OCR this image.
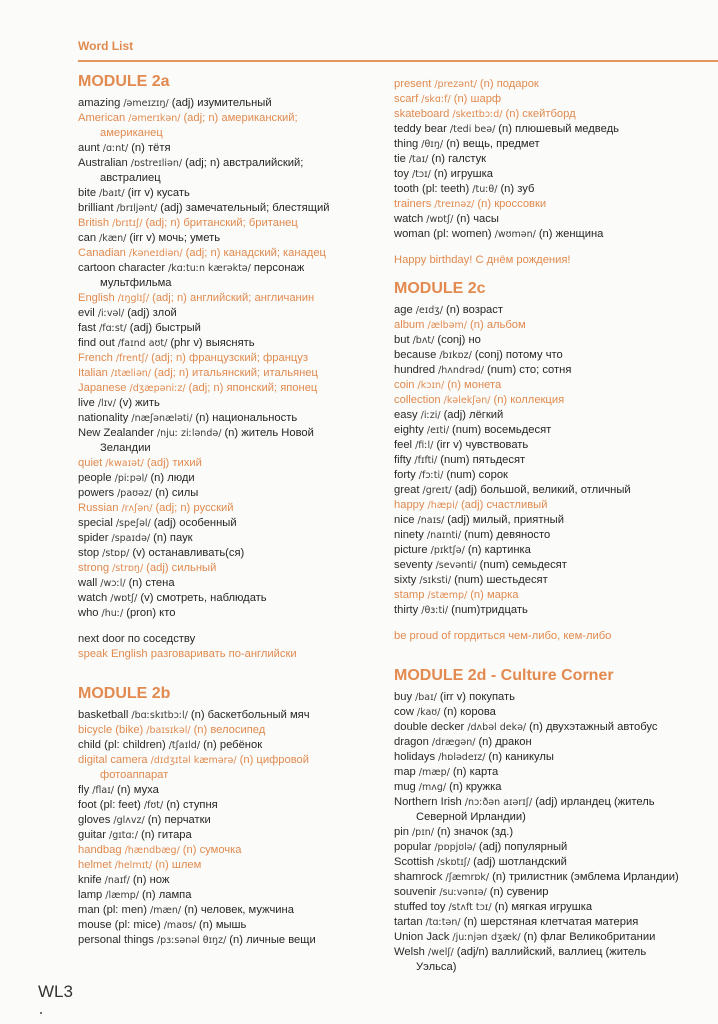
Word List
MODULE 2a
amazing /əmeɪzɪŋ/ (adj) изумительный
American /əmerɪkən/ (adj; n) американский;
американец
aunt /ɑːnt/ (n) тётя
Australian /ɒstreɪliən/ (adj; n) австралийский;
австралиец
bite /baɪt/ (irr v) кусать
brilliant /brɪljənt/ (adj) замечательный; блестящий
British /brɪtɪʃ/ (adj; n) британский; британец
can /kæn/ (irr v) мочь; уметь
Canadian /kəneɪdiən/ (adj; n) канадский; канадец
cartoon character /kɑːtuːn kærəktə/ персонаж
мультфильма
English /ɪŋglɪʃ/ (adj; n) английский; англичанин
evil /iːvəl/ (adj) злой
fast /fɑːst/ (adj) быстрый
find out /faɪnd aʊt/ (phr v) выяснять
French /frentʃ/ (adj; n) французский; француз
Italian /ɪtæliən/ (adj; n) итальянский; итальянец
Japanese /dʒæpəniːz/ (adj; n) японский; японец
live /lɪv/ (v) жить
nationality /næʃənæləti/ (n) национальность
New Zealander /njuː ziːləndə/ (n) житель Новой
Зеландии
quiet /kwaɪət/ (adj) тихий
people /piːpəl/ (n) люди
powers /paʊəz/ (n) силы
Russian /rʌʃən/ (adj; n) русский
special /speʃəl/ (adj) особенный
spider /spaɪdə/ (n) паук
stop /stɒp/ (v) останавливать(ся)
strong /strɒŋ/ (adj) сильный
wall /wɔːl/ (n) стена
watch /wɒtʃ/ (v) смотреть, наблюдать
who /huː/ (pron) кто
next door по соседству
speak English разговаривать по-английски
MODULE 2b
basketball /bɑːskɪtbɔːl/ (n) баскетбольный мяч
bicycle (bike) /baɪsɪkəl/ (n) велосипед
child (pl: children) /tʃaɪld/ (n) ребёнок
digital camera /dɪdʒɪtəl kæmərə/ (n) цифровой
фотоаппарат
fly /flaɪ/ (n) муха
foot (pl: feet) /fʊt/ (n) ступня
gloves /glʌvz/ (n) перчатки
guitar /gɪtɑː/ (n) гитара
handbag /hændbæg/ (n) сумочка
helmet /helmɪt/ (n) шлем
knife /naɪf/ (n) нож
lamp /læmp/ (n) лампа
man (pl: men) /mæn/ (n) человек, мужчина
mouse (pl: mice) /maʊs/ (n) мышь
personal things /pɜːsənəl θɪŋz/ (n) личные вещи
present /prezənt/ (n) подарок
scarf /skɑːf/ (n) шарф
skateboard /skeɪtbɔːd/ (n) скейтборд
teddy bear /tedi beə/ (n) плюшевый медведь
thing /θɪŋ/ (n) вещь, предмет
tie /taɪ/ (n) галстук
toy /tɔɪ/ (n) игрушка
tooth (pl: teeth) /tuːθ/ (n) зуб
trainers /treɪnəz/ (n) кроссовки
watch /wɒtʃ/ (n) часы
woman (pl: women) /wʊmən/ (n) женщина
Happy birthday! С днём рождения!
MODULE 2c
age /eɪdʒ/ (n) возраст
album /ælbəm/ (n) альбом
but /bʌt/ (conj) но
because /bɪkɒz/ (conj) потому что
hundred /hʌndrəd/ (num) сто; сотня
coin /kɔɪn/ (n) монета
collection /kəlekʃən/ (n) коллекция
easy /iːzi/ (adj) лёгкий
eighty /eɪti/ (num) восемьдесят
feel /fiːl/ (irr v) чувствовать
fifty /fɪfti/ (num) пятьдесят
forty /fɔːti/ (num) сорок
great /greɪt/ (adj) большой, великий, отличный
happy /hæpi/ (adj) счастливый
nice /naɪs/ (adj) милый, приятный
ninety /naɪnti/ (num) девяносто
picture /pɪktʃə/ (n) картинка
seventy /sevənti/ (num) семьдесят
sixty /sɪksti/ (num) шестьдесят
stamp /stæmp/ (n) марка
thirty /θɜːti/ (num)тридцать
be proud of гордиться чем-либо, кем-либо
MODULE 2d - Culture Corner
buy /baɪ/ (irr v) покупать
cow /kaʊ/ (n) корова
double decker /dʌbəl dekə/ (n) двухэтажный автобус
dragon /drægən/ (n) дракон
holidays /hɒlədeɪz/ (n) каникулы
map /mæp/ (n) карта
mug /mʌg/ (n) кружка
Northern Irish /nɔːðən aɪərɪʃ/ (adj) ирландец (житель
Северной Ирландии)
pin /pɪn/ (n) значок (зд.)
popular /pɒpjʊlə/ (adj) популярный
Scottish /skɒtɪʃ/ (adj) шотландский
shamrock /ʃæmrɒk/ (n) трилистник (эмблема Ирландии)
souvenir /suːvənɪə/ (n) сувенир
stuffed toy /stʌft tɔɪ/ (n) мягкая игрушка
tartan /tɑːtən/ (n) шерстяная клетчатая материя
Union Jack /juːnjən dʒæk/ (n) флаг Великобритании
Welsh /welʃ/ (adj/n) валлийский, валлиец (житель
Уэльса)
WL3
